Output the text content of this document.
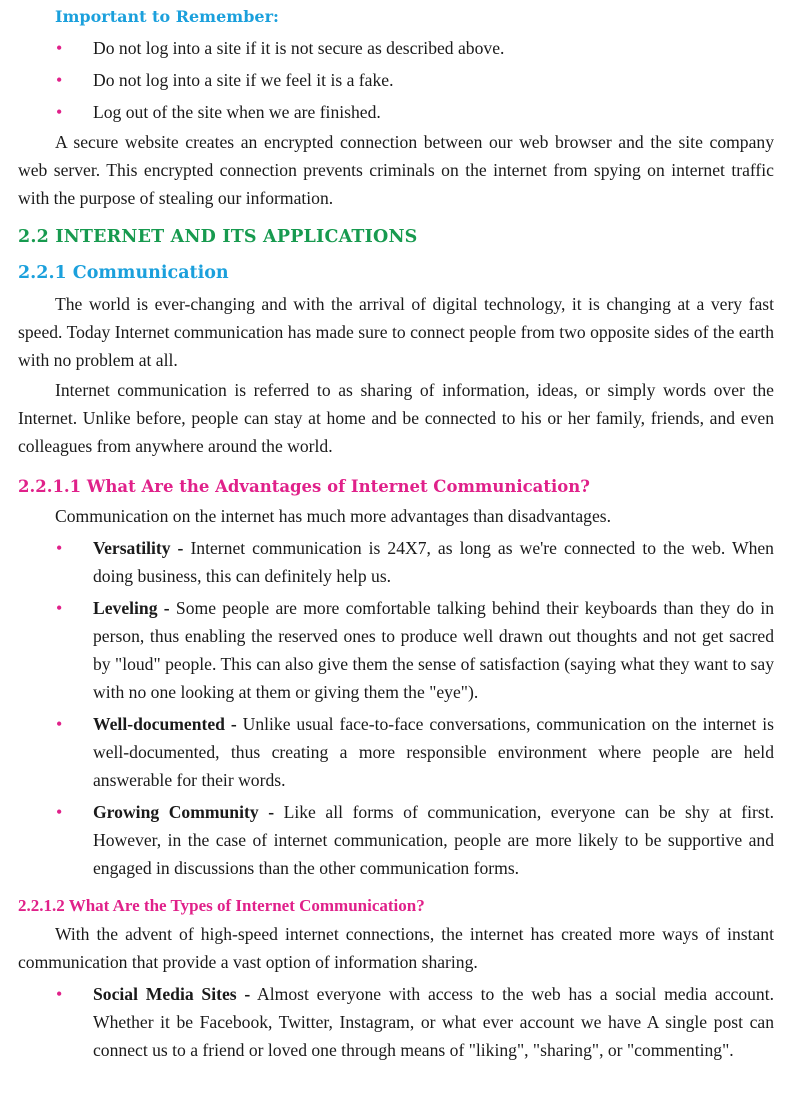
Important to Remember:
• Do not log into a site if it is not secure as described above.
• Do not log into a site if we feel it is a fake.
• Log out of the site when we are finished.

A secure website creates an encrypted connection between our web browser and the site company web server. This encrypted connection prevents criminals on the internet from spying on internet traffic with the purpose of stealing our information.

2.2 INTERNET AND ITS APPLICATIONS
2.2.1 Communication

The world is ever-changing and with the arrival of digital technology, it is changing at a very fast speed. Today Internet communication has made sure to connect people from two opposite sides of the earth with no problem at all.

Internet communication is referred to as sharing of information, ideas, or simply words over the Internet. Unlike before, people can stay at home and be connected to his or her family, friends, and even colleagues from anywhere around the world.

2.2.1.1 What Are the Advantages of Internet Communication?

Communication on the internet has much more advantages than disadvantages.

• Versatility - Internet communication is 24X7, as long as we're connected to the web. When doing business, this can definitely help us.
• Leveling - Some people are more comfortable talking behind their keyboards than they do in person, thus enabling the reserved ones to produce well drawn out thoughts and not get sacred by "loud" people. This can also give them the sense of satisfaction (saying what they want to say with no one looking at them or giving them the "eye").
• Well-documented - Unlike usual face-to-face conversations, communication on the internet is well-documented, thus creating a more responsible environment where people are held answerable for their words.
• Growing Community - Like all forms of communication, everyone can be shy at first. However, in the case of internet communication, people are more likely to be supportive and engaged in discussions than the other communication forms.
2.2.1.2 What Are the Types of Internet Communication?

With the advent of high-speed internet connections, the internet has created more ways of instant communication that provide a vast option of information sharing.

• Social Media Sites - Almost everyone with access to the web has a social media account. Whether it be Facebook, Twitter, Instagram, or what ever account we have A single post can connect us to a friend or loved one through means of "liking", "sharing", or "commenting".
